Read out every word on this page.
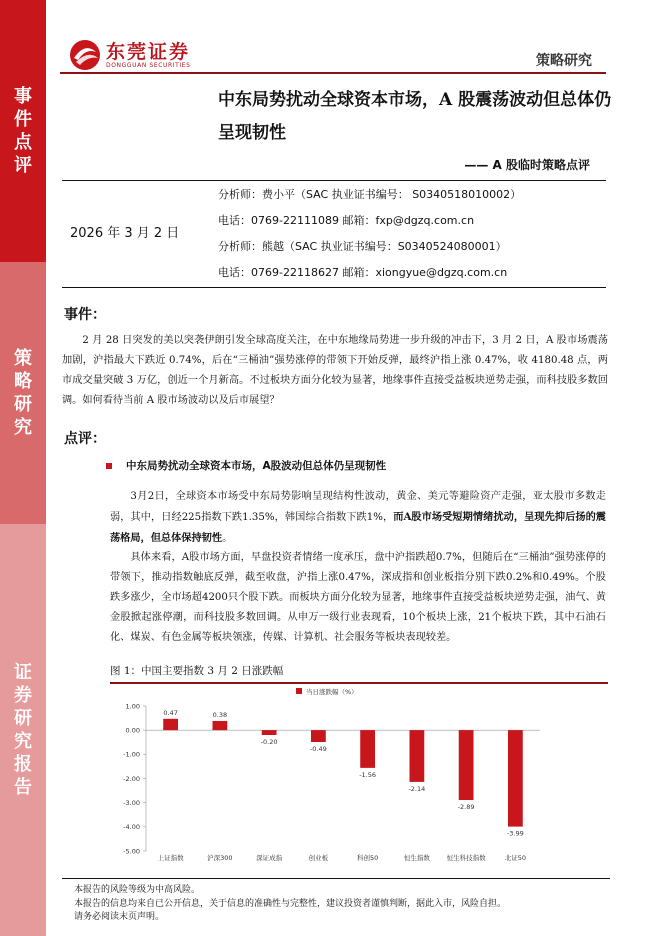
事
件
点
评
策
略
研
究
证
券
研
究
报
告
东莞证券
DONGGUAN SECURITIES	策略研究
中东局势扰动全球资本市场，A 股震荡波动但总体仍呈现韧性
—— A 股临时策略点评
2026 年 3 月 2 日
分析师：费小平（SAC 执业证书编号： S0340518010002）
电话：0769-22111089 邮箱：fxp@dgzq.com.cn
分析师：熊越（SAC 执业证书编号：S0340524080001）
电话：0769-22118627 邮箱：xiongyue@dgzq.com.cn
事件：
2 月 28 日突发的美以突袭伊朗引发全球高度关注，在中东地缘局势进一步升级的冲击下，3 月 2 日，A 股市场震荡加剧，沪指最大下跌近 0.74%，后在“三桶油”强势涨停的带领下开始反弹，最终沪指上涨 0.47%，收 4180.48 点，两市成交量突破 3 万亿，创近一个月新高。不过板块方面分化较为显著，地缘事件直接受益板块逆势走强，而科技股多数回调。如何看待当前 A 股市场波动以及后市展望？
点评：
中东局势扰动全球资本市场，A股波动但总体仍呈现韧性
3月2日，全球资本市场受中东局势影响呈现结构性波动，黄金、美元等避险资产走强，亚太股市多数走弱，其中，日经225指数下跌1.35%，韩国综合指数下跌1%，而A股市场受短期情绪扰动，呈现先抑后扬的震荡格局，但总体保持韧性。
具体来看，A股市场方面，早盘投资者情绪一度承压，盘中沪指跌超0.7%，但随后在“三桶油”强势涨停的带领下，推动指数触底反弹，截至收盘，沪指上涨0.47%，深成指和创业板指分别下跌0.2%和0.49%。个股跌多涨少，全市场超4200只个股下跌。而板块方面分化较为显著，地缘事件直接受益板块逆势走强，油气、黄金股掀起涨停潮，而科技股多数回调。从申万一级行业表现看，10个板块上涨，21个板块下跌，其中石油石化、煤炭、有色金属等板块领涨，传媒、计算机、社会服务等板块表现较差。
图 1：中国主要指数 3 月 2 日涨跌幅
当日涨跌幅（%）
1.00
0.00
-1.00
-2.00
-3.00
-4.00
-5.00
0.47	0.38
-0.20
-0.49
-1.56
-2.14
-2.89
-3.99
上证指数	沪深300	深证成指	创业板	科创50	恒生指数	恒生科技指数	北证50
本报告的风险等级为中高风险。
本报告的信息均来自已公开信息，关于信息的准确性与完整性，建议投资者谨慎判断，据此入市，风险自担。
请务必阅读末页声明。
